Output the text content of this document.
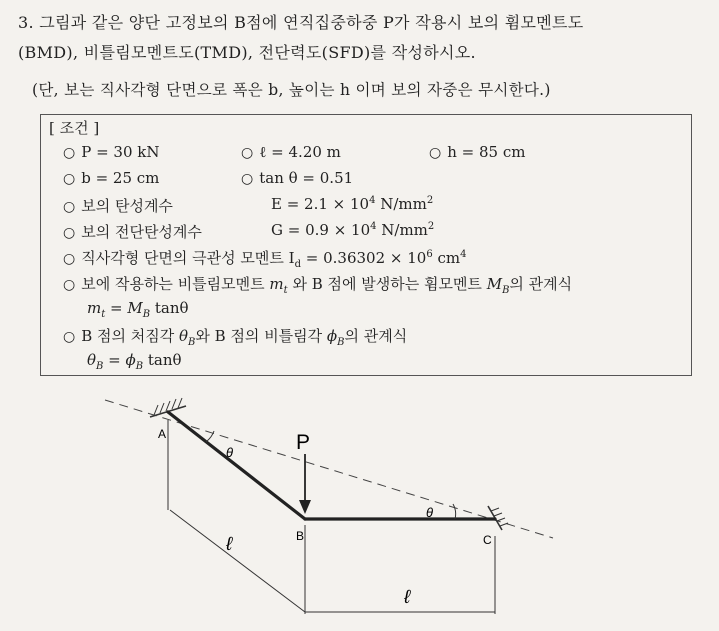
3. 그림과 같은 양단 고정보의 B점에 연직집중하중 P가 작용시 보의 휨모멘트도
(BMD), 비틀림모멘트도(TMD), 전단력도(SFD)를 작성하시오.
(단, 보는 직사각형 단면으로 폭은 b, 높이는 h 이며 보의 자중은 무시한다.)
[ 조건 ]
○ P = 30 kN	○ ℓ = 4.20 m	○ h = 85 cm
○ b = 25 cm	○ tan θ = 0.51
○ 보의 탄성계수	$E = 2.1 \times 10^4$ $N/mm^2$
○ 보의 전단탄성계수	$G = 0.9 \times 10^4$ $N/mm^2$
○ 직사각형 단면의 극관성 모멘트 $I_d = 0.36302 \times 10^6$ $cm^4$
○ 보에 작용하는 비틀림모멘트 $m_t$ 와 B 점에 발생하는 휨모멘트 $M_B$의 관계식
$m_t = M_B$ tanθ
○ B 점의 처짐각 $\theta_B$와 B 점의 비틀림각 $\phi_B$의 관계식
$\theta_B = \phi_B$ tanθ
A
B	C
P
θ
θ
ℓ
ℓ
